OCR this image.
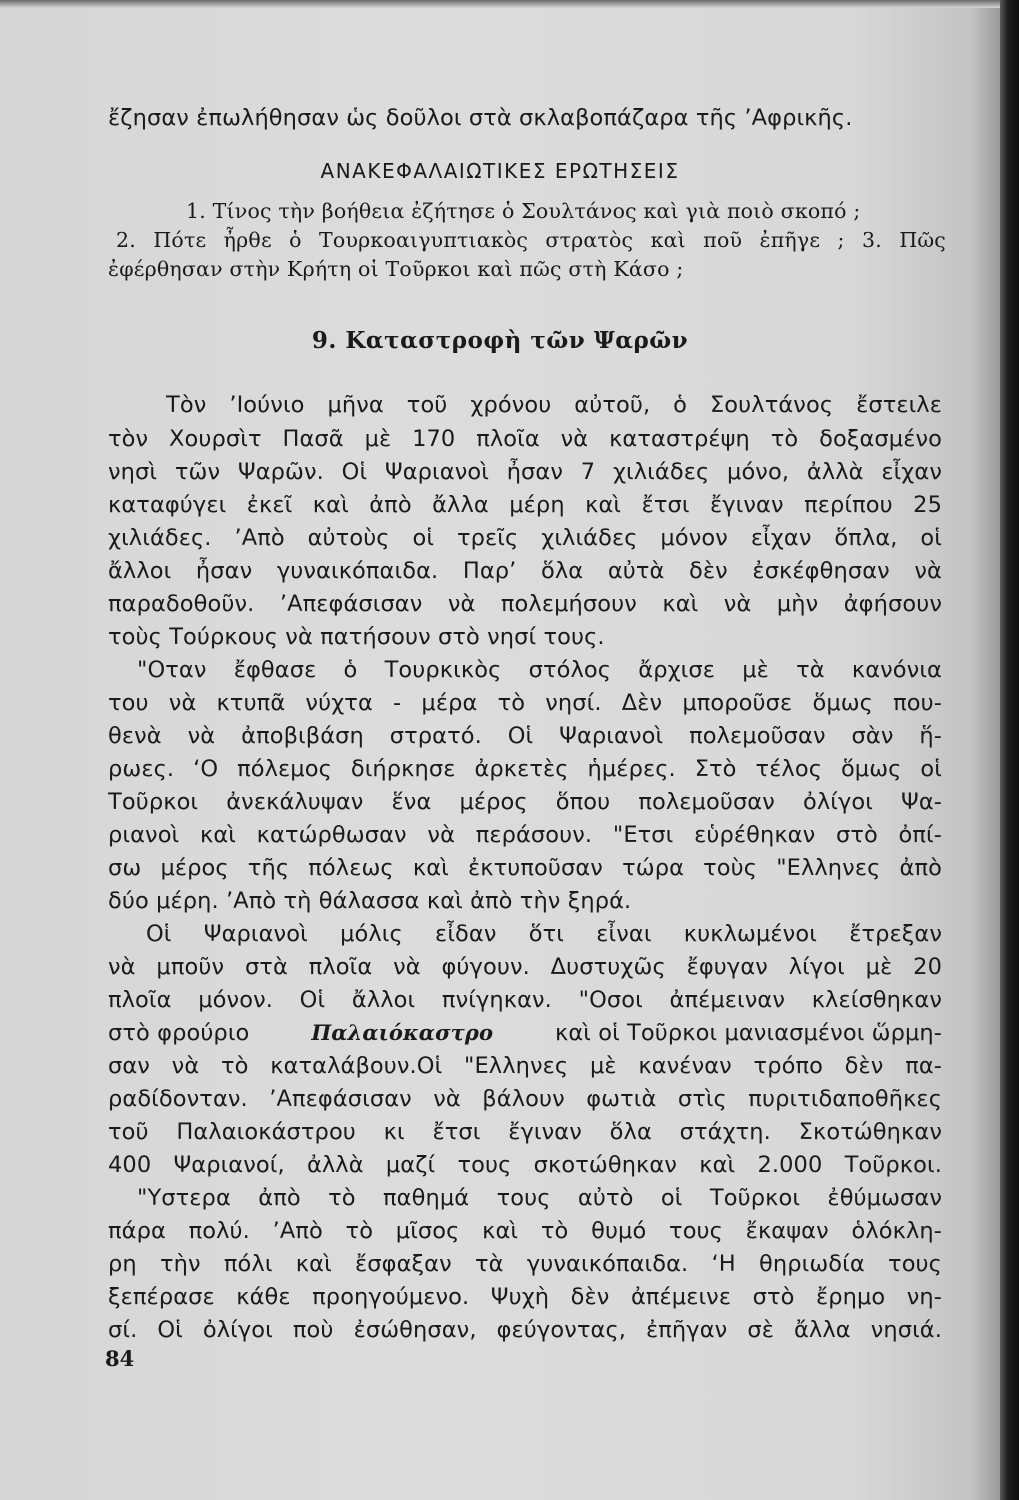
ἔζησαν ἐπωλήθησαν ὡς δοῦλοι στὰ σκλαβοπάζαρα τῆς ’Αφρικῆς.
ΑΝΑΚΕΦΑΛΑΙΩΤΙΚΕΣ ΕΡΩΤΗΣΕΙΣ
1. Τίνος τὴν βοήθεια ἐζήτησε ὁ Σουλτάνος καὶ γιὰ ποιὸ σκοπό ;
2. Πότε ἦρθε ὁ Τουρκοαιγυπτιακὸς στρατὸς καὶ ποῦ ἐπῆγε ; 3. Πῶς
ἐφέρθησαν στὴν Κρήτη οἱ Τοῦρκοι καὶ πῶς στὴ Κάσο ;
9. Καταστροφὴ τῶν Ψαρῶν
Τὸν ’Ιούνιο μῆνα τοῦ χρόνου αὐτοῦ, ὁ Σουλτάνος ἔστειλε
τὸν Χουρσὶτ Πασᾶ μὲ 170 πλοῖα νὰ καταστρέψη τὸ δοξασμένο
νησὶ τῶν Ψαρῶν. Οἱ Ψαριανοὶ ἦσαν 7 χιλιάδες μόνο, ἀλλὰ εἶχαν
καταφύγει ἐκεῖ καὶ ἀπὸ ἄλλα μέρη καὶ ἔτσι ἔγιναν περίπου 25
χιλιάδες. ’Απὸ αὐτοὺς οἱ τρεῖς χιλιάδες μόνον εἶχαν ὅπλα, οἱ
ἄλλοι ἦσαν γυναικόπαιδα. Παρ’ ὅλα αὐτὰ δὲν ἐσκέφθησαν νὰ
παραδοθοῦν. ’Απεφάσισαν νὰ πολεμήσουν καὶ νὰ μὴν ἀφήσουν
τοὺς Τούρκους νὰ πατήσουν στὸ νησί τους.
"Οταν ἔφθασε ὁ Τουρκικὸς στόλος ἄρχισε μὲ τὰ κανόνια
του νὰ κτυπᾶ νύχτα - μέρα τὸ νησί. Δὲν μποροῦσε ὅμως που-
θενὰ νὰ ἀποβιβάση στρατό. Οἱ Ψαριανοὶ πολεμοῦσαν σὰν ἥ-
ρωες. ‘Ο πόλεμος διήρκησε ἀρκετὲς ἡμέρες. Στὸ τέλος ὅμως οἱ
Τοῦρκοι ἀνεκάλυψαν ἕνα μέρος ὅπου πολεμοῦσαν ὀλίγοι Ψα-
ριανοὶ καὶ κατώρθωσαν νὰ περάσουν. "Ετσι εὑρέθηκαν στὸ ὀπί-
σω μέρος τῆς πόλεως καὶ ἐκτυποῦσαν τώρα τοὺς "Ελληνες ἀπὸ
δύο μέρη. ’Απὸ τὴ θάλασσα καὶ ἀπὸ τὴν ξηρά.
Οἱ Ψαριανοὶ μόλις εἶδαν ὅτι εἶναι κυκλωμένοι ἔτρεξαν
νὰ μποῦν στὰ πλοῖα νὰ φύγουν. Δυστυχῶς ἔφυγαν λίγοι μὲ 20
πλοῖα μόνον. Οἱ ἄλλοι πνίγηκαν. "Οσοι ἀπέμειναν κλείσθηκαν
στὸ φρούριο	Παλαιόκαστρο	καὶ οἱ Τοῦρκοι μανιασμένοι ὥρμη-
σαν νὰ τὸ καταλάβουν.Οἱ "Ελληνες μὲ κανέναν τρόπο δὲν πα-
ραδίδονταν. ’Απεφάσισαν νὰ βάλουν φωτιὰ στὶς πυριτιδαποθῆκες
τοῦ Παλαιοκάστρου κι ἔτσι ἔγιναν ὅλα στάχτη. Σκοτώθηκαν
400 Ψαριανοί, ἀλλὰ μαζί τους σκοτώθηκαν καὶ 2.000 Τοῦρκοι.
"Υστερα ἀπὸ τὸ παθημά τους αὐτὸ οἱ Τοῦρκοι ἐθύμωσαν
πάρα πολύ. ’Απὸ τὸ μῖσος καὶ τὸ θυμό τους ἔκαψαν ὁλόκλη-
ρη τὴν πόλι καὶ ἔσφαξαν τὰ γυναικόπαιδα. ‘Η θηριωδία τους
ξεπέρασε κάθε προηγούμενο. Ψυχὴ δὲν ἀπέμεινε στὸ ἔρημο νη-
σί. Οἱ ὀλίγοι ποὺ ἐσώθησαν, φεύγοντας, ἐπῆγαν σὲ ἄλλα νησιά.
84
